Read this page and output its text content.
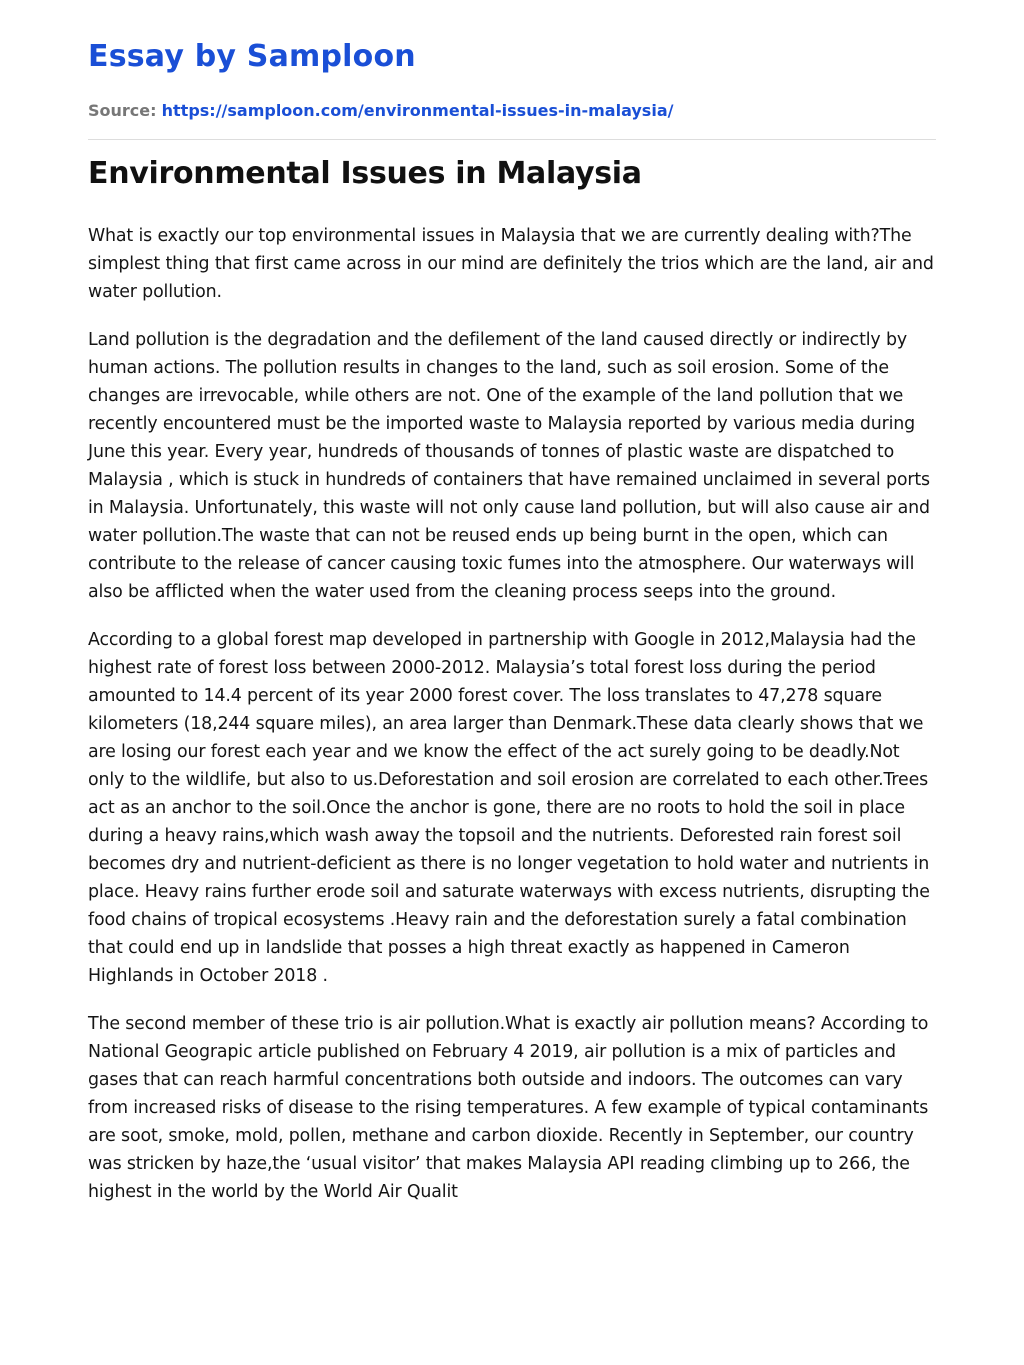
Essay by Samploon
Source: https://samploon.com/environmental-issues-in-malaysia/
Environmental Issues in Malaysia

What is exactly our top environmental issues in Malaysia that we are currently dealing with?The simplest thing that first came across in our mind are definitely the trios which are the land, air and water pollution.

Land pollution is the degradation and the defilement of the land caused directly or indirectly by human actions. The pollution results in changes to the land, such as soil erosion. Some of the changes are irrevocable, while others are not. One of the example of the land pollution that we recently encountered must be the imported waste to Malaysia reported by various media during June this year. Every year, hundreds of thousands of tonnes of plastic waste are dispatched to Malaysia , which is stuck in hundreds of containers that have remained unclaimed in several ports in Malaysia. Unfortunately, this waste will not only cause land pollution, but will also cause air and water pollution.The waste that can not be reused ends up being burnt in the open, which can contribute to the release of cancer causing toxic fumes into the atmosphere. Our waterways will also be afflicted when the water used from the cleaning process seeps into the ground.

According to a global forest map developed in partnership with Google in 2012,Malaysia had the highest rate of forest loss between 2000-2012. Malaysia’s total forest loss during the period amounted to 14.4 percent of its year 2000 forest cover. The loss translates to 47,278 square kilometers (18,244 square miles), an area larger than Denmark.These data clearly shows that we are losing our forest each year and we know the effect of the act surely going to be deadly.Not only to the wildlife, but also to us.Deforestation and soil erosion are correlated to each other.Trees act as an anchor to the soil.Once the anchor is gone, there are no roots to hold the soil in place during a heavy rains,which wash away the topsoil and the nutrients. Deforested rain forest soil becomes dry and nutrient-deficient as there is no longer vegetation to hold water and nutrients in place. Heavy rains further erode soil and saturate waterways with excess nutrients, disrupting the food chains of tropical ecosystems .Heavy rain and the deforestation surely a fatal combination that could end up in landslide that posses a high threat exactly as happened in Cameron Highlands in October 2018 .

The second member of these trio is air pollution.What is exactly air pollution means? According to National Geograpic article published on February 4 2019, air pollution is a mix of particles and gases that can reach harmful concentrations both outside and indoors. The outcomes can vary from increased risks of disease to the rising temperatures. A few example of typical contaminants are soot, smoke, mold, pollen, methane and carbon dioxide. Recently in September, our country was stricken by haze,the ‘usual visitor’ that makes Malaysia API reading climbing up to 266, the highest in the world by the World Air Qualit
